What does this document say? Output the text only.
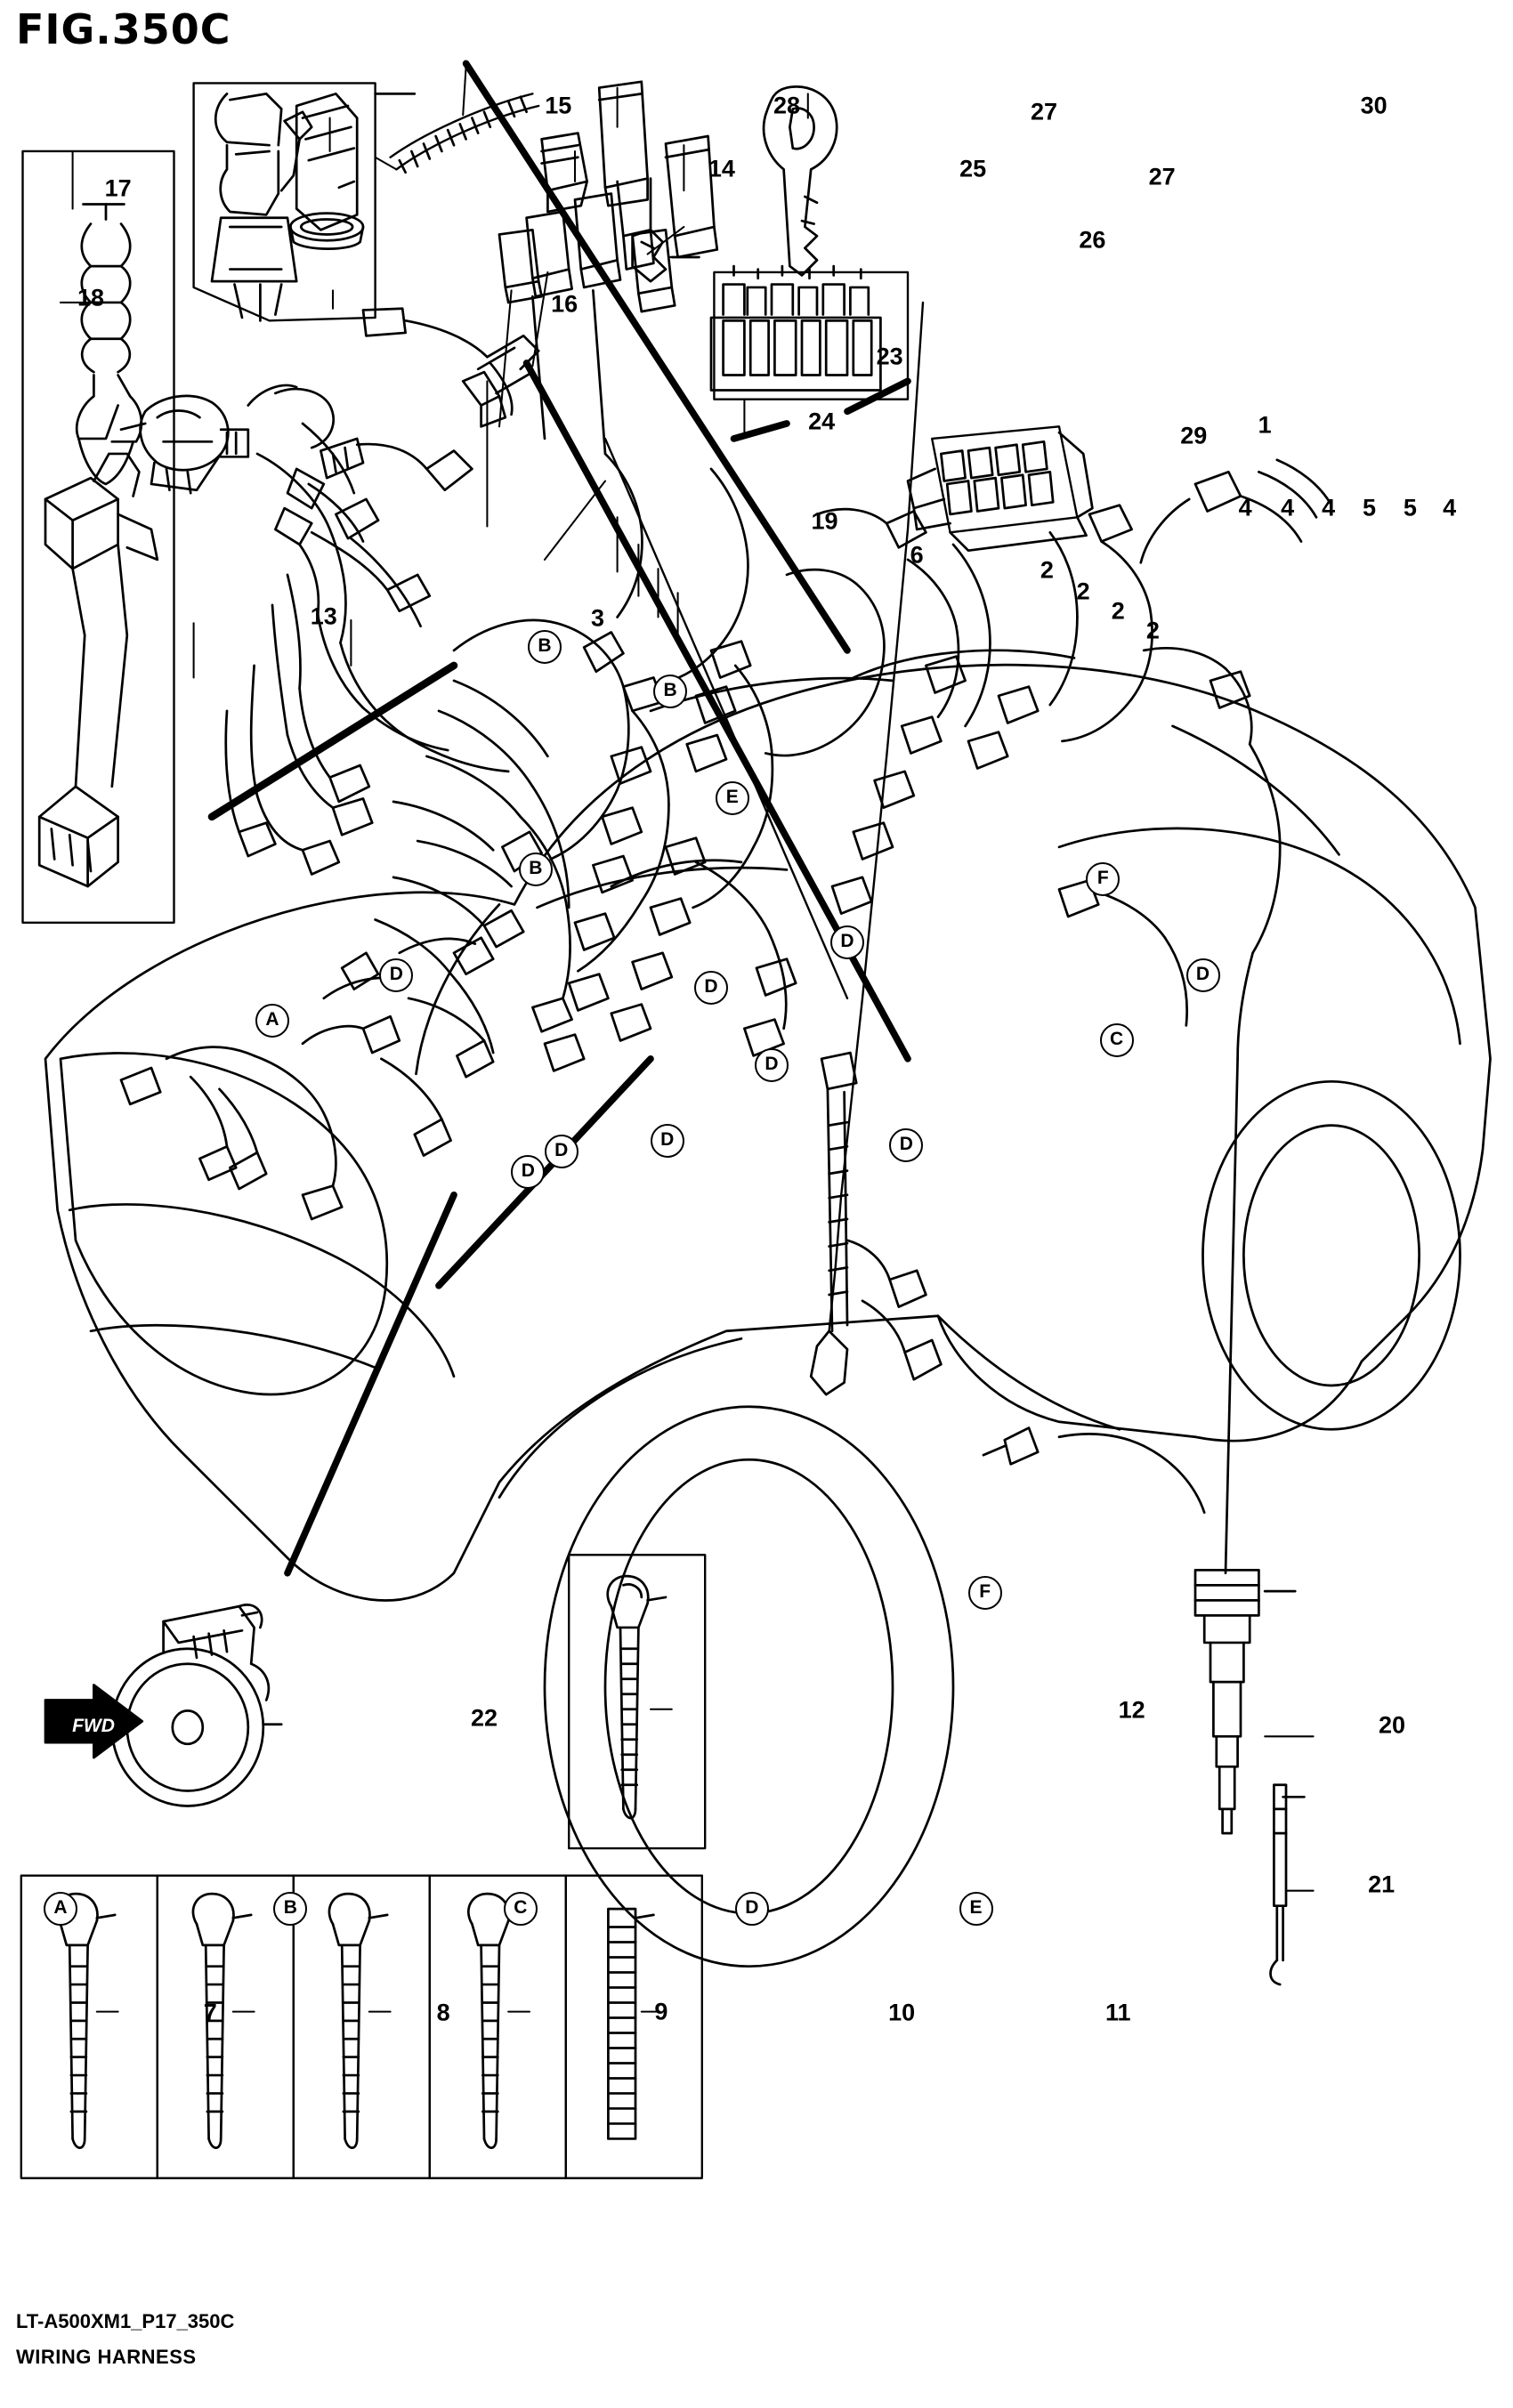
FIG.350C
FWD
17
18
15
14
16
28
25
27
26
27
30
23
24
29 1
4 4 4 5 5 4
19
6
2
2
2
2
3
13
22	12
20
21
7	8	9	10	11
B
B
E
B	F
D
D
D
D
C
A
D
D
D
D
D
F
A	B	C	D	E
LT-A500XM1_P17_350C
WIRING HARNESS
